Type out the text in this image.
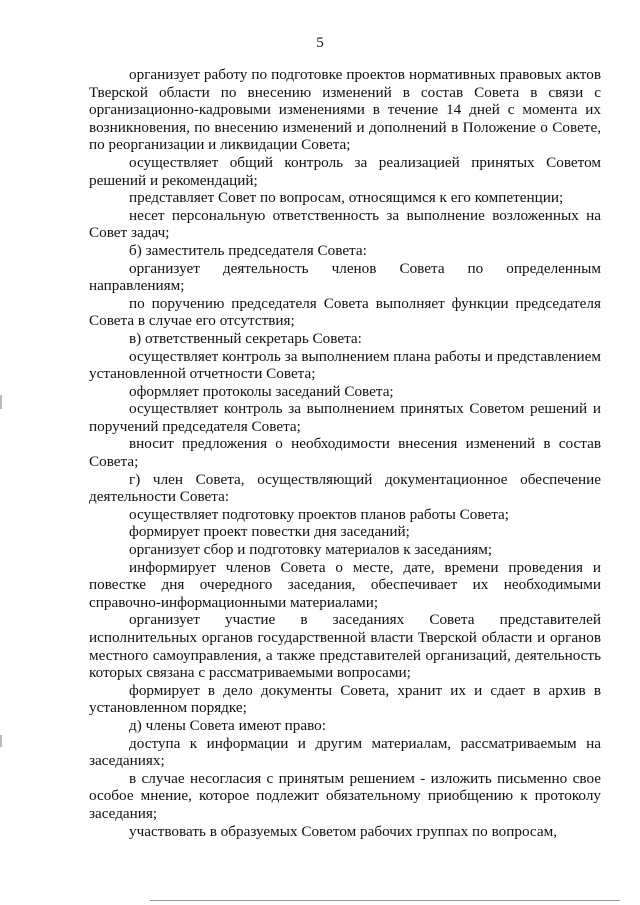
5

организует работу по подготовке проектов нормативных правовых актов Тверской области по внесению изменений в состав Совета в связи с организационно-кадровыми изменениями в течение 14 дней с момента их возникновения, по внесению изменений и дополнений в Положение о Совете, по реорганизации и ликвидации Совета;

осуществляет общий контроль за реализацией принятых Советом решений и рекомендаций;

представляет Совет по вопросам, относящимся к его компетенции;

несет персональную ответственность за выполнение возложенных на Совет задач;

б) заместитель председателя Совета:

организует деятельность членов Совета по определенным направлениям;

по поручению председателя Совета выполняет функции председателя Совета в случае его отсутствия;

в) ответственный секретарь Совета:

осуществляет контроль за выполнением плана работы и представлением установленной отчетности Совета;

оформляет протоколы заседаний Совета;

осуществляет контроль за выполнением принятых Советом решений и поручений председателя Совета;

вносит предложения о необходимости внесения изменений в состав Совета;

г) член Совета, осуществляющий документационное обеспечение деятельности Совета:

осуществляет подготовку проектов планов работы Совета;

формирует проект повестки дня заседаний;

организует сбор и подготовку материалов к заседаниям;

информирует членов Совета о месте, дате, времени проведения и повестке дня очередного заседания, обеспечивает их необходимыми справочно-информационными материалами;

организует участие в заседаниях Совета представителей исполнительных органов государственной власти Тверской области и органов местного самоуправления, а также представителей организаций, деятельность которых связана с рассматриваемыми вопросами;

формирует в дело документы Совета, хранит их и сдает в архив в установленном порядке;

д) члены Совета имеют право:

доступа к информации и другим материалам, рассматриваемым на заседаниях;

в случае несогласия с принятым решением - изложить письменно свое особое мнение, которое подлежит обязательному приобщению к протоколу заседания;

участвовать в образуемых Советом рабочих группах по вопросам,
